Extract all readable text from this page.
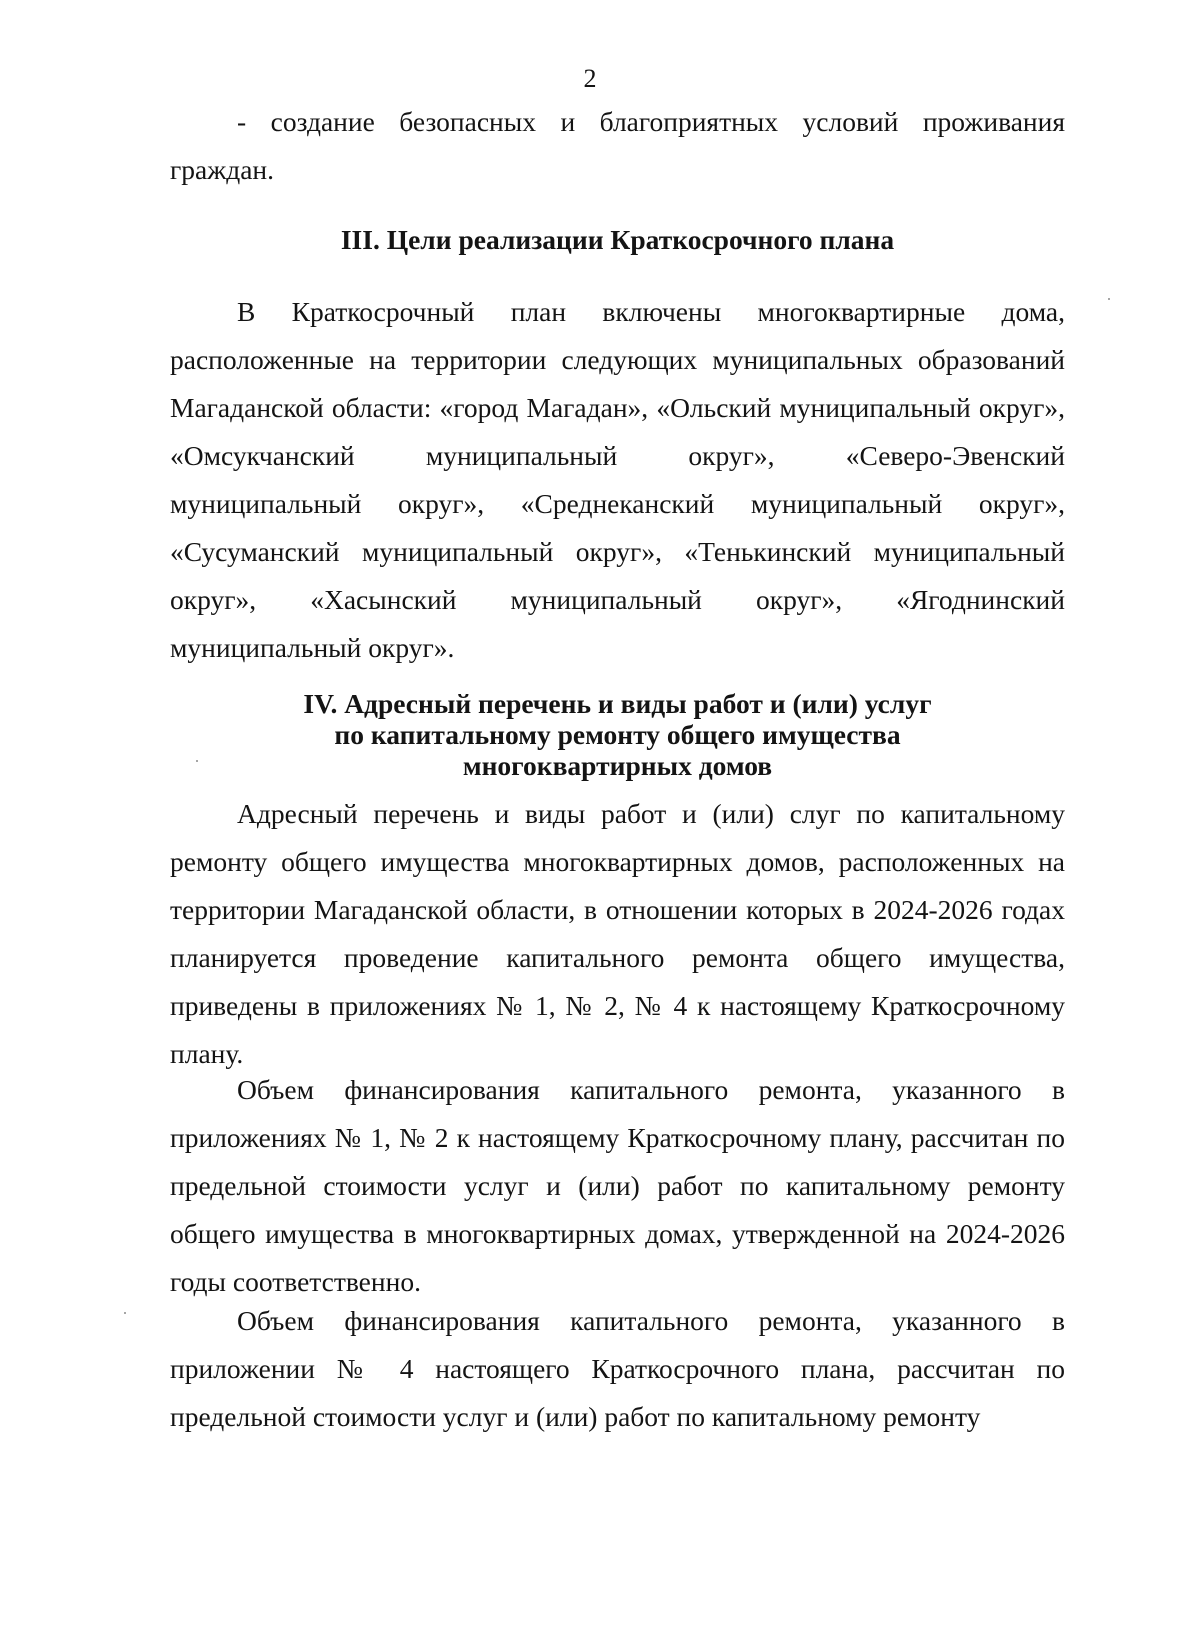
2

- создание безопасных и благоприятных условий проживания граждан.

III. Цели реализации Краткосрочного плана

В Краткосрочный план включены многоквартирные дома, расположенные на территории следующих муниципальных образований Магаданской области: «город Магадан», «Ольский муниципальный округ», «Омсукчанский муниципальный округ», «Северо-Эвенский муниципальный округ», «Среднеканский муниципальный округ», «Сусуманский муниципальный округ», «Тенькинский муниципальный округ», «Хасынский муниципальный округ», «Ягоднинский муниципальный округ».

IV. Адресный перечень и виды работ и (или) услуг
по капитальному ремонту общего имущества
многоквартирных домов

Адресный перечень и виды работ и (или) слуг по капитальному ремонту общего имущества многоквартирных домов, расположенных на территории Магаданской области, в отношении которых в 2024-2026 годах планируется проведение капитального ремонта общего имущества, приведены в приложениях № 1, № 2, № 4 к настоящему Краткосрочному плану.

Объем финансирования капитального ремонта, указанного в приложениях № 1, № 2 к настоящему Краткосрочному плану, рассчитан по предельной стоимости услуг и (или) работ по капитальному ремонту общего имущества в многоквартирных домах, утвержденной на 2024-2026 годы соответственно.

Объем финансирования капитального ремонта, указанного в приложении № 4 настоящего Краткосрочного плана, рассчитан по предельной стоимости услуг и (или) работ по капитальному ремонту
